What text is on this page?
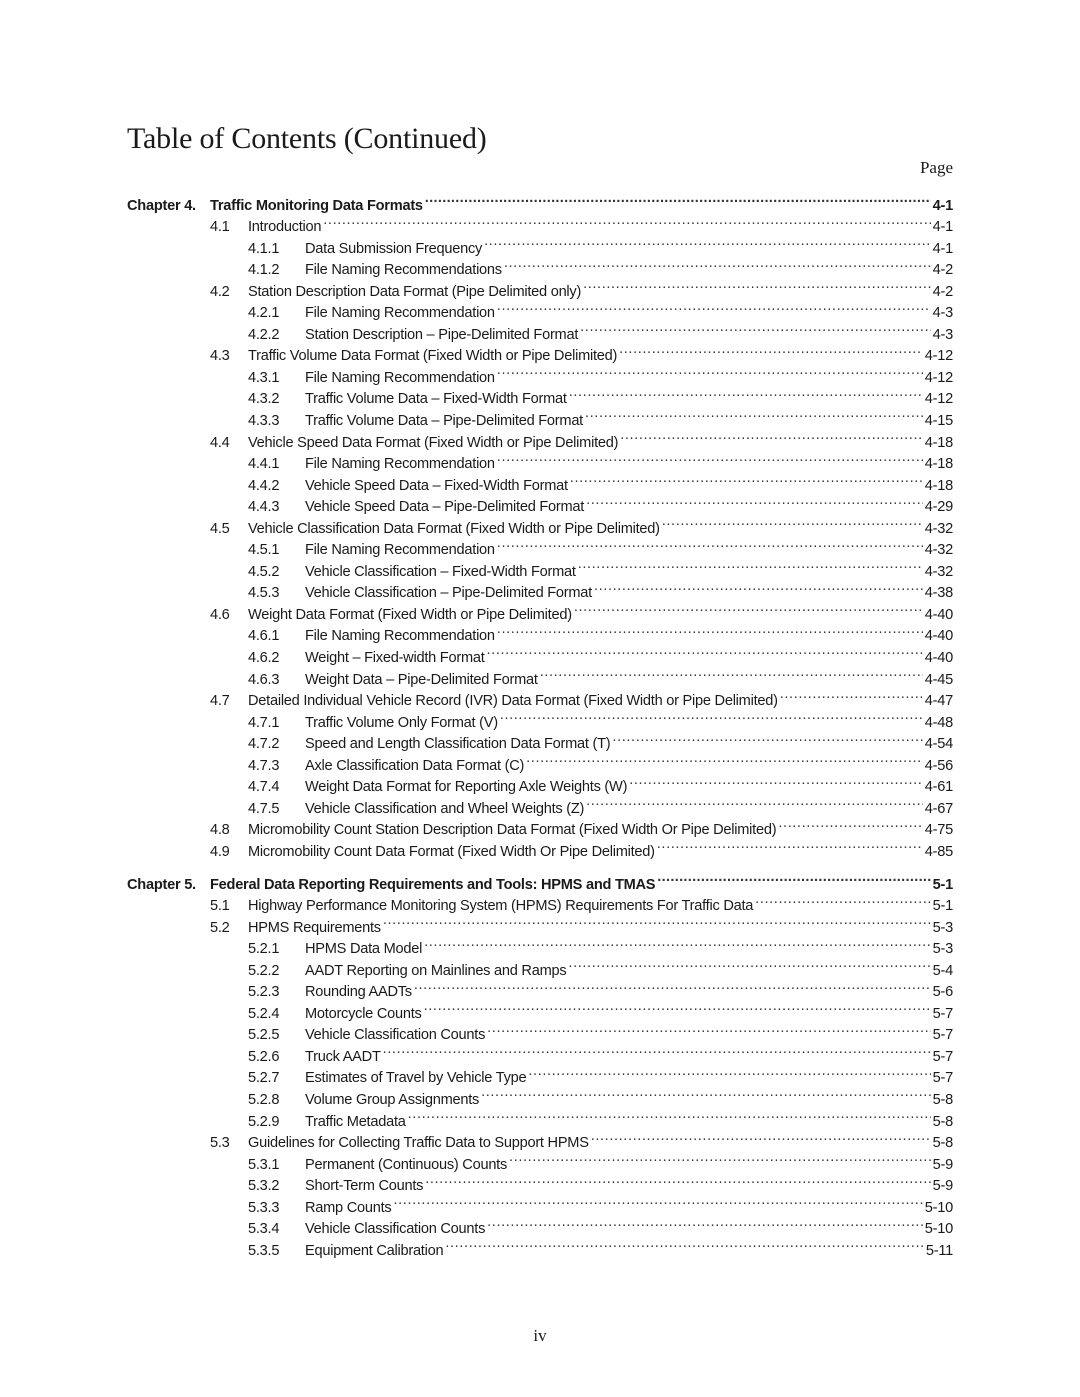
Table of Contents (Continued)
Page
Chapter 4. Traffic Monitoring Data Formats .....	4-1
4.1	Introduction .....	4-1
4.1.1	Data Submission Frequency .....	4-1
4.1.2	File Naming Recommendations .....	4-2
4.2	Station Description Data Format (Pipe Delimited only) .....	4-2
4.2.1	File Naming Recommendation .....	4-3
4.2.2	Station Description – Pipe-Delimited Format .....	4-3
4.3	Traffic Volume Data Format (Fixed Width or Pipe Delimited) .....	4-12
4.3.1	File Naming Recommendation .....	4-12
4.3.2	Traffic Volume Data – Fixed-Width Format .....	4-12
4.3.3	Traffic Volume Data – Pipe-Delimited Format .....	4-15
4.4	Vehicle Speed Data Format (Fixed Width or Pipe Delimited) .....	4-18
4.4.1	File Naming Recommendation .....	4-18
4.4.2	Vehicle Speed Data – Fixed-Width Format .....	4-18
4.4.3	Vehicle Speed Data – Pipe-Delimited Format .....	4-29
4.5	Vehicle Classification Data Format (Fixed Width or Pipe Delimited) .....	4-32
4.5.1	File Naming Recommendation .....	4-32
4.5.2	Vehicle Classification – Fixed-Width Format .....	4-32
4.5.3	Vehicle Classification – Pipe-Delimited Format .....	4-38
4.6	Weight Data Format (Fixed Width or Pipe Delimited) .....	4-40
4.6.1	File Naming Recommendation .....	4-40
4.6.2	Weight – Fixed-width Format .....	4-40
4.6.3	Weight Data – Pipe-Delimited Format .....	4-45
4.7	Detailed Individual Vehicle Record (IVR) Data Format (Fixed Width or Pipe Delimited) .....	4-47
4.7.1	Traffic Volume Only Format (V) .....	4-48
4.7.2	Speed and Length Classification Data Format (T) .....	4-54
4.7.3	Axle Classification Data Format (C) .....	4-56
4.7.4	Weight Data Format for Reporting Axle Weights (W) .....	4-61
4.7.5	Vehicle Classification and Wheel Weights (Z) .....	4-67
4.8	Micromobility Count Station Description Data Format (Fixed Width Or Pipe Delimited) .....	4-75
4.9	Micromobility Count Data Format (Fixed Width Or Pipe Delimited) .....	4-85
Chapter 5. Federal Data Reporting Requirements and Tools: HPMS and TMAS .....	5-1
5.1	Highway Performance Monitoring System (HPMS) Requirements For Traffic Data .....	5-1
5.2	HPMS Requirements .....	5-3
5.2.1	HPMS Data Model .....	5-3
5.2.2	AADT Reporting on Mainlines and Ramps .....	5-4
5.2.3	Rounding AADTs .....	5-6
5.2.4	Motorcycle Counts .....	5-7
5.2.5	Vehicle Classification Counts .....	5-7
5.2.6	Truck AADT .....	5-7
5.2.7	Estimates of Travel by Vehicle Type .....	5-7
5.2.8	Volume Group Assignments .....	5-8
5.2.9	Traffic Metadata .....	5-8
5.3	Guidelines for Collecting Traffic Data to Support HPMS .....	5-8
5.3.1	Permanent (Continuous) Counts .....	5-9
5.3.2	Short-Term Counts .....	5-9
5.3.3	Ramp Counts .....	5-10
5.3.4	Vehicle Classification Counts .....	5-10
5.3.5	Equipment Calibration .....	5-11
iv
